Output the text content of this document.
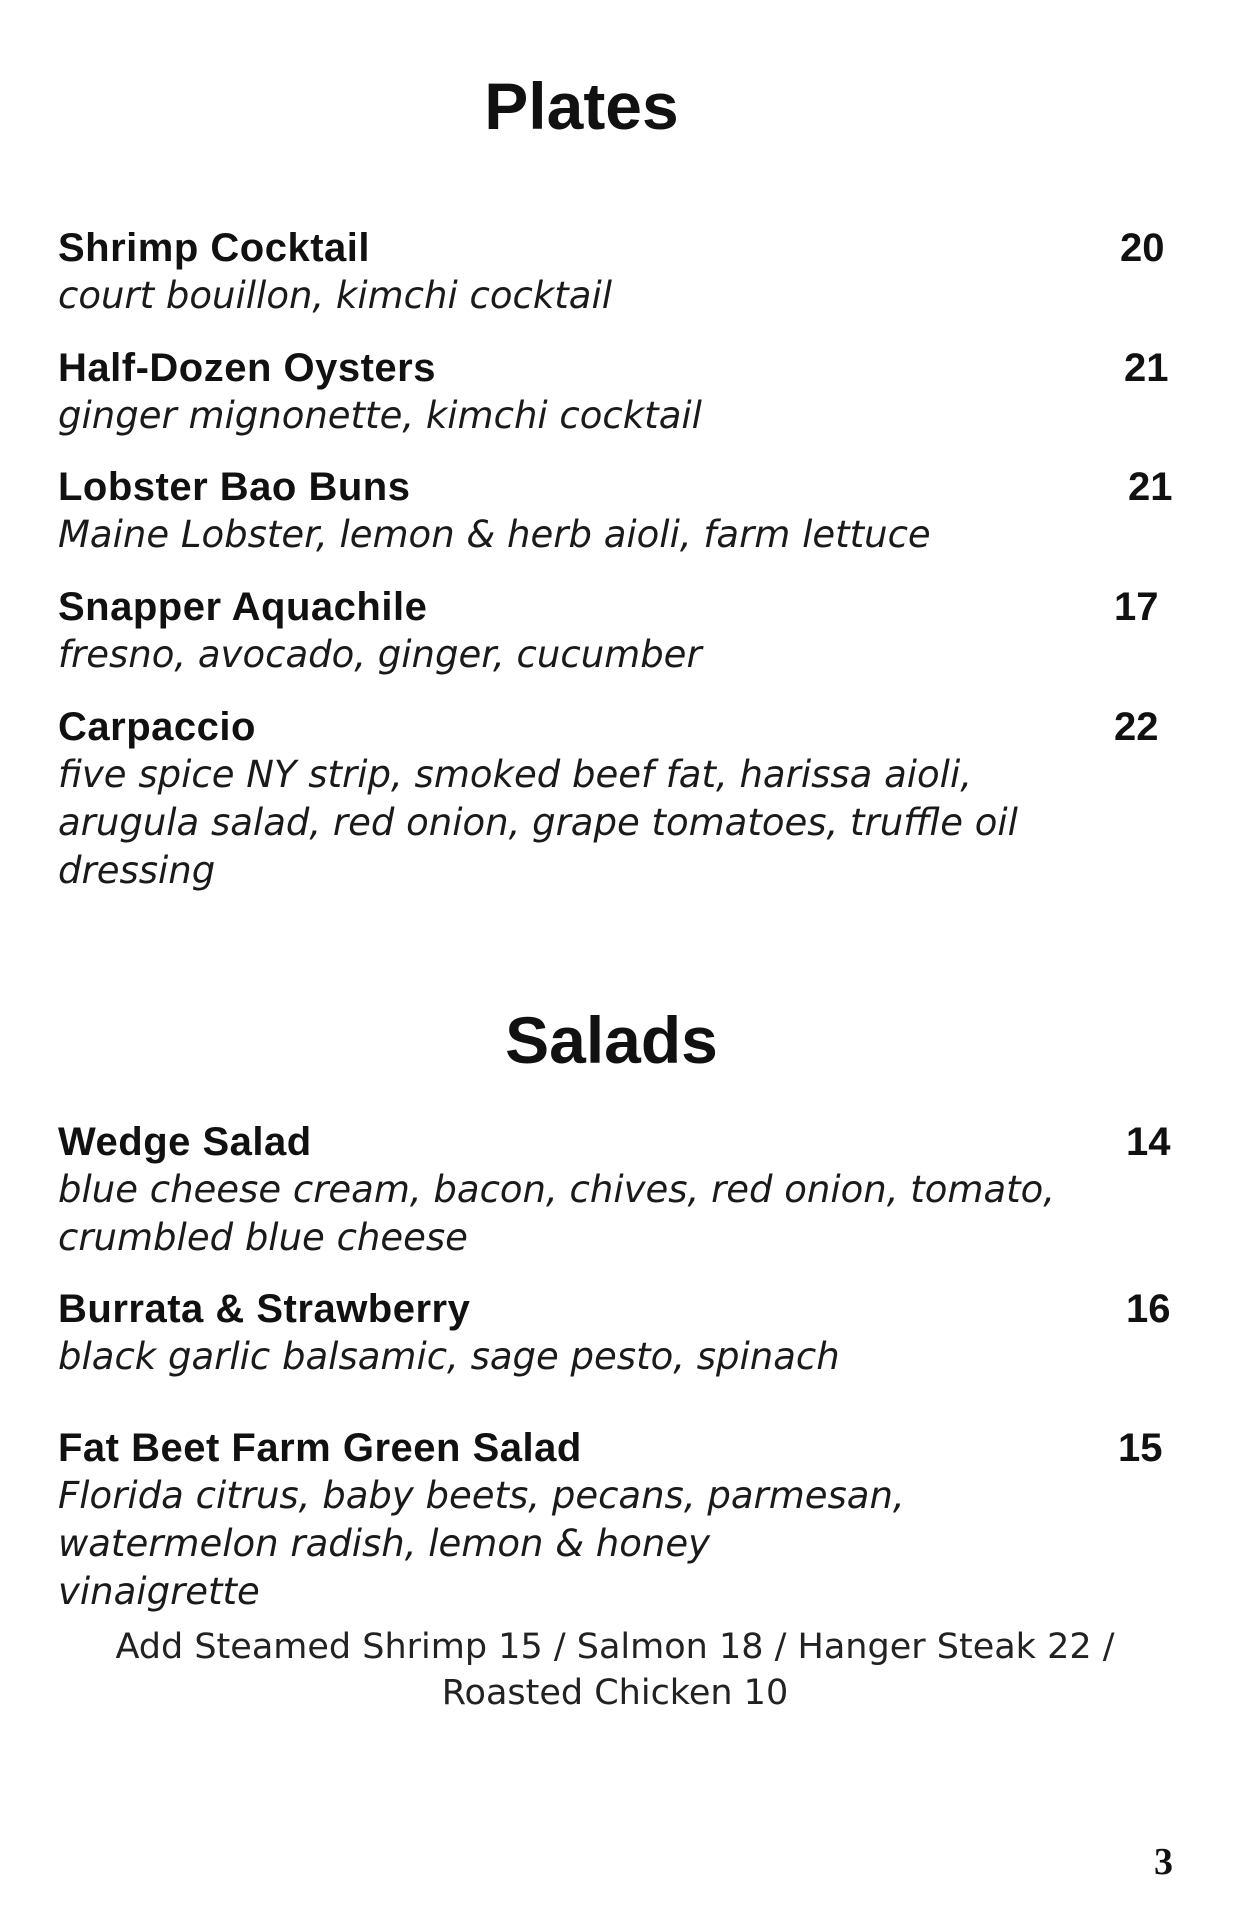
Plates
Shrimp Cocktail	20
court bouillon, kimchi cocktail
Half-Dozen Oysters	21
ginger mignonette, kimchi cocktail
Lobster Bao Buns	21
Maine Lobster, lemon & herb aioli, farm lettuce
Snapper Aquachile	17
fresno, avocado, ginger, cucumber
Carpaccio	22
five spice NY strip, smoked beef fat, harissa aioli, arugula salad, red onion, grape tomatoes, truffle oil dressing
Salads
Wedge Salad	14
blue cheese cream, bacon, chives, red onion, tomato, crumbled blue cheese
Burrata & Strawberry	16
black garlic balsamic, sage pesto, spinach
Fat Beet Farm Green Salad	15
Florida citrus, baby beets, pecans, parmesan, watermelon radish, lemon & honey vinaigrette
Add Steamed Shrimp 15 / Salmon 18 / Hanger Steak 22 / Roasted Chicken 10
3
